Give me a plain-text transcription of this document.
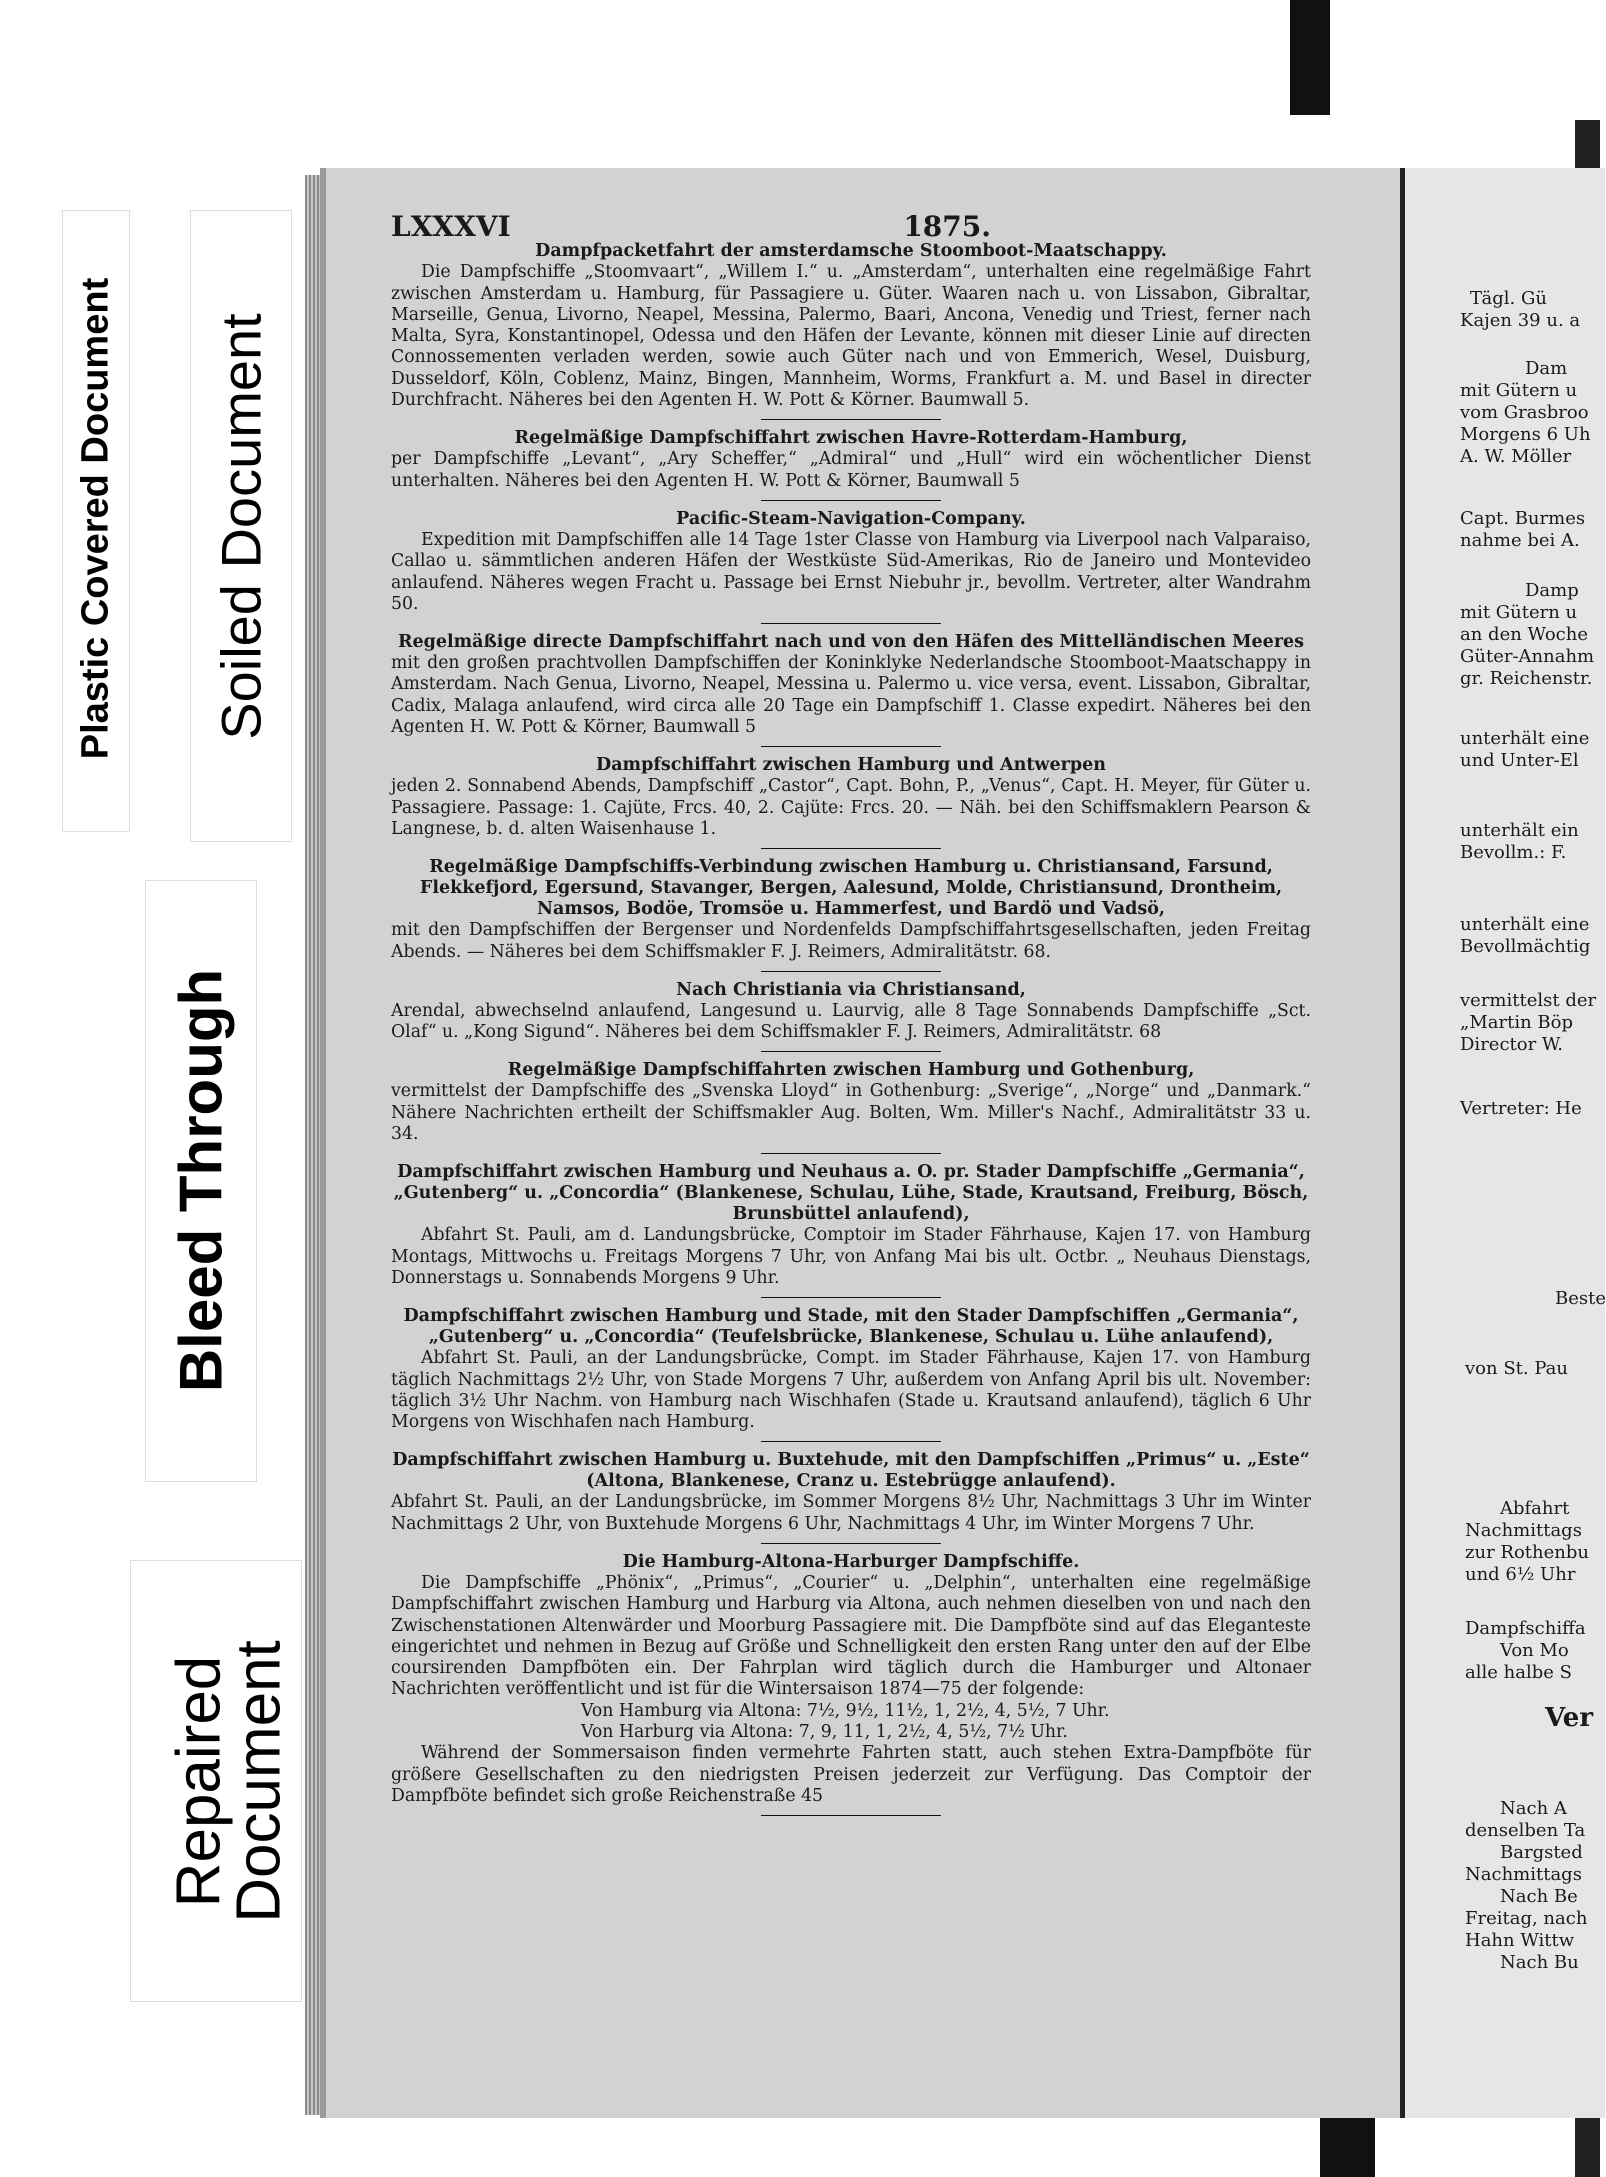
Plastic Covered Document Soiled Document
Bleed Through
Repaired
Document
LXXXVI	1875.
Dampfpacketfahrt der amsterdamsche Stoomboot-Maatschappy.

Die Dampfschiffe „Stoomvaart“, „Willem I.“ u. „Amsterdam“, unterhalten eine regelmäßige Fahrt zwischen Amsterdam u. Hamburg, für Passagiere u. Güter. Waaren nach u. von Lissabon, Gibraltar, Marseille, Genua, Livorno, Neapel, Messina, Palermo, Baari, Ancona, Venedig und Triest, ferner nach Malta, Syra, Konstantinopel, Odessa und den Häfen der Levante, können mit dieser Linie auf directen Connossementen verladen werden, sowie auch Güter nach und von Emmerich, Wesel, Duisburg, Dusseldorf, Köln, Coblenz, Mainz, Bingen, Mannheim, Worms, Frankfurt a. M. und Basel in directer Durchfracht. Näheres bei den Agenten H. W. Pott & Körner. Baumwall 5.

Regelmäßige Dampfschiffahrt zwischen Havre-Rotterdam-Hamburg,

per Dampfschiffe „Levant“, „Ary Scheffer,“ „Admiral“ und „Hull“ wird ein wöchentlicher Dienst unterhalten. Näheres bei den Agenten H. W. Pott & Körner, Baumwall 5

Pacific-Steam-Navigation-Company.

Expedition mit Dampfschiffen alle 14 Tage 1ster Classe von Hamburg via Liverpool nach Valparaiso, Callao u. sämmtlichen anderen Häfen der Westküste Süd-Amerikas, Rio de Janeiro und Montevideo anlaufend. Näheres wegen Fracht u. Passage bei Ernst Niebuhr jr., bevollm. Vertreter, alter Wandrahm 50.

Regelmäßige directe Dampfschiffahrt nach und von den Häfen des Mittelländischen Meeres

mit den großen prachtvollen Dampfschiffen der Koninklyke Nederlandsche Stoomboot-Maatschappy in Amsterdam. Nach Genua, Livorno, Neapel, Messina u. Palermo u. vice versa, event. Lissabon, Gibraltar, Cadix, Malaga anlaufend, wird circa alle 20 Tage ein Dampfschiff 1. Classe expedirt. Näheres bei den Agenten H. W. Pott & Körner, Baumwall 5

Dampfschiffahrt zwischen Hamburg und Antwerpen

jeden 2. Sonnabend Abends, Dampfschiff „Castor“, Capt. Bohn, P., „Venus“, Capt. H. Meyer, für Güter u. Passagiere. Passage: 1. Cajüte, Frcs. 40, 2. Cajüte: Frcs. 20. — Näh. bei den Schiffsmaklern Pearson & Langnese, b. d. alten Waisenhause 1.

Regelmäßige Dampfschiffs-Verbindung zwischen Hamburg u. Christiansand, Farsund, Flekkefjord, Egersund, Stavanger, Bergen, Aalesund, Molde, Christiansund, Drontheim, Namsos, Bodöe, Tromsöe u. Hammerfest, und Bardö und Vadsö,

mit den Dampfschiffen der Bergenser und Nordenfelds Dampfschiffahrtsgesellschaften, jeden Freitag Abends. — Näheres bei dem Schiffsmakler F. J. Reimers, Admiralitätstr. 68.

Nach Christiania via Christiansand,

Arendal, abwechselnd anlaufend, Langesund u. Laurvig, alle 8 Tage Sonnabends Dampfschiffe „Sct. Olaf“ u. „Kong Sigund“. Näheres bei dem Schiffsmakler F. J. Reimers, Admiralitätstr. 68

Regelmäßige Dampfschiffahrten zwischen Hamburg und Gothenburg,

vermittelst der Dampfschiffe des „Svenska Lloyd“ in Gothenburg: „Sverige“, „Norge“ und „Danmark.“ Nähere Nachrichten ertheilt der Schiffsmakler Aug. Bolten, Wm. Miller's Nachf., Admiralitätstr 33 u. 34.

Dampfschiffahrt zwischen Hamburg und Neuhaus a. O. pr. Stader Dampfschiffe „Germania“, „Gutenberg“ u. „Concordia“ (Blankenese, Schulau, Lühe, Stade, Krautsand, Freiburg, Bösch, Brunsbüttel anlaufend),

Abfahrt St. Pauli, am d. Landungsbrücke, Comptoir im Stader Fährhause, Kajen 17. von Hamburg Montags, Mittwochs u. Freitags Morgens 7 Uhr, von Anfang Mai bis ult. Octbr. „ Neuhaus Dienstags, Donnerstags u. Sonnabends Morgens 9 Uhr.

Dampfschiffahrt zwischen Hamburg und Stade, mit den Stader Dampfschiffen „Germania“, „Gutenberg“ u. „Concordia“ (Teufelsbrücke, Blankenese, Schulau u. Lühe anlaufend),

Abfahrt St. Pauli, an der Landungsbrücke, Compt. im Stader Fährhause, Kajen 17. von Hamburg täglich Nachmittags 2½ Uhr, von Stade Morgens 7 Uhr, außerdem von Anfang April bis ult. November: täglich 3½ Uhr Nachm. von Hamburg nach Wischhafen (Stade u. Krautsand anlaufend), täglich 6 Uhr Morgens von Wischhafen nach Hamburg.

Dampfschiffahrt zwischen Hamburg u. Buxtehude, mit den Dampfschiffen „Primus“ u. „Este“ (Altona, Blankenese, Cranz u. Estebrügge anlaufend).

Abfahrt St. Pauli, an der Landungsbrücke, im Sommer Morgens 8½ Uhr, Nachmittags 3 Uhr im Winter Nachmittags 2 Uhr, von Buxtehude Morgens 6 Uhr, Nachmittags 4 Uhr, im Winter Morgens 7 Uhr.

Die Hamburg-Altona-Harburger Dampfschiffe.

Die Dampfschiffe „Phönix“, „Primus“, „Courier“ u. „Delphin“, unterhalten eine regelmäßige Dampfschiffahrt zwischen Hamburg und Harburg via Altona, auch nehmen dieselben von und nach den Zwischenstationen Altenwärder und Moorburg Passagiere mit. Die Dampfböte sind auf das Eleganteste eingerichtet und nehmen in Bezug auf Größe und Schnelligkeit den ersten Rang unter den auf der Elbe coursirenden Dampfböten ein. Der Fahrplan wird täglich durch die Hamburger und Altonaer Nachrichten veröffentlicht und ist für die Wintersaison 1874—75 der folgende:

Von Hamburg via Altona: 7½, 9½, 11½, 1, 2½, 4, 5½, 7 Uhr.

Von Harburg via Altona: 7, 9, 11, 1, 2½, 4, 5½, 7½ Uhr.

Während der Sommersaison finden vermehrte Fahrten statt, auch stehen Extra-Dampfböte für größere Gesellschaften zu den niedrigsten Preisen jederzeit zur Verfügung. Das Comptoir der Dampfböte befindet sich große Reichenstraße 45

Tägl. Gü
Kajen 39 u. a
Dam
mit Gütern u
vom Grasbroo
Morgens 6 Uh
A. W. Möller
Capt. Burmes
nahme bei A.
Damp
mit Gütern u
an den Woche
Güter-Annahm
gr. Reichenstr.
unterhält eine
und Unter-El
unterhält ein
Bevollm.: F.
unterhält eine
Bevollmächtig
vermittelst der
„Martin Böp
Director W.
Vertreter: He
Beste
von St. Pau
Abfahrt
Nachmittags
zur Rothenbu
und 6½ Uhr
Dampfschiffa
Von Mo
alle halbe S
Ver
Nach A
denselben Ta
Bargsted
Nachmittags
Nach Be
Freitag, nach
Hahn Wittw
Nach Bu
